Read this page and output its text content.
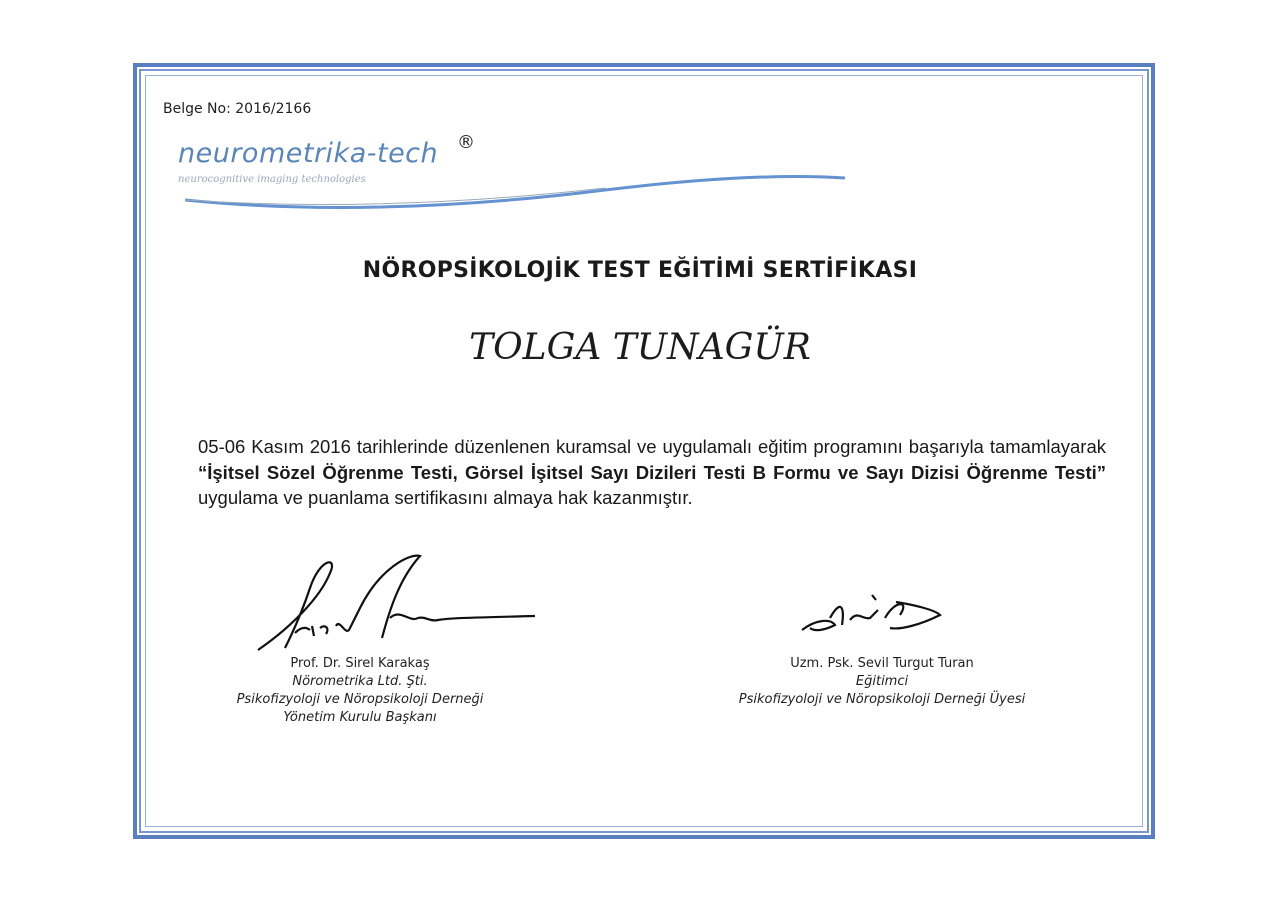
Belge No: 2016/2166
neurometrika-tech ®
neurocognitive imaging technologies
NÖROPSİKOLOJİK TEST EĞİTİMİ SERTİFİKASI
TOLGA TUNAGÜR
05-06 Kasım 2016 tarihlerinde düzenlenen kuramsal ve uygulamalı eğitim programını başarıyla tamamlayarak “İşitsel Sözel Öğrenme Testi, Görsel İşitsel Sayı Dizileri Testi B Formu ve Sayı Dizisi Öğrenme Testi” uygulama ve puanlama sertifikasını almaya hak kazanmıştır.
Prof. Dr. Sirel Karakaş
Nörometrika Ltd. Şti.
Psikofizyoloji ve Nöropsikoloji Derneği
Yönetim Kurulu Başkanı
Uzm. Psk. Sevil Turgut Turan
Eğitimci
Psikofizyoloji ve Nöropsikoloji Derneği Üyesi
